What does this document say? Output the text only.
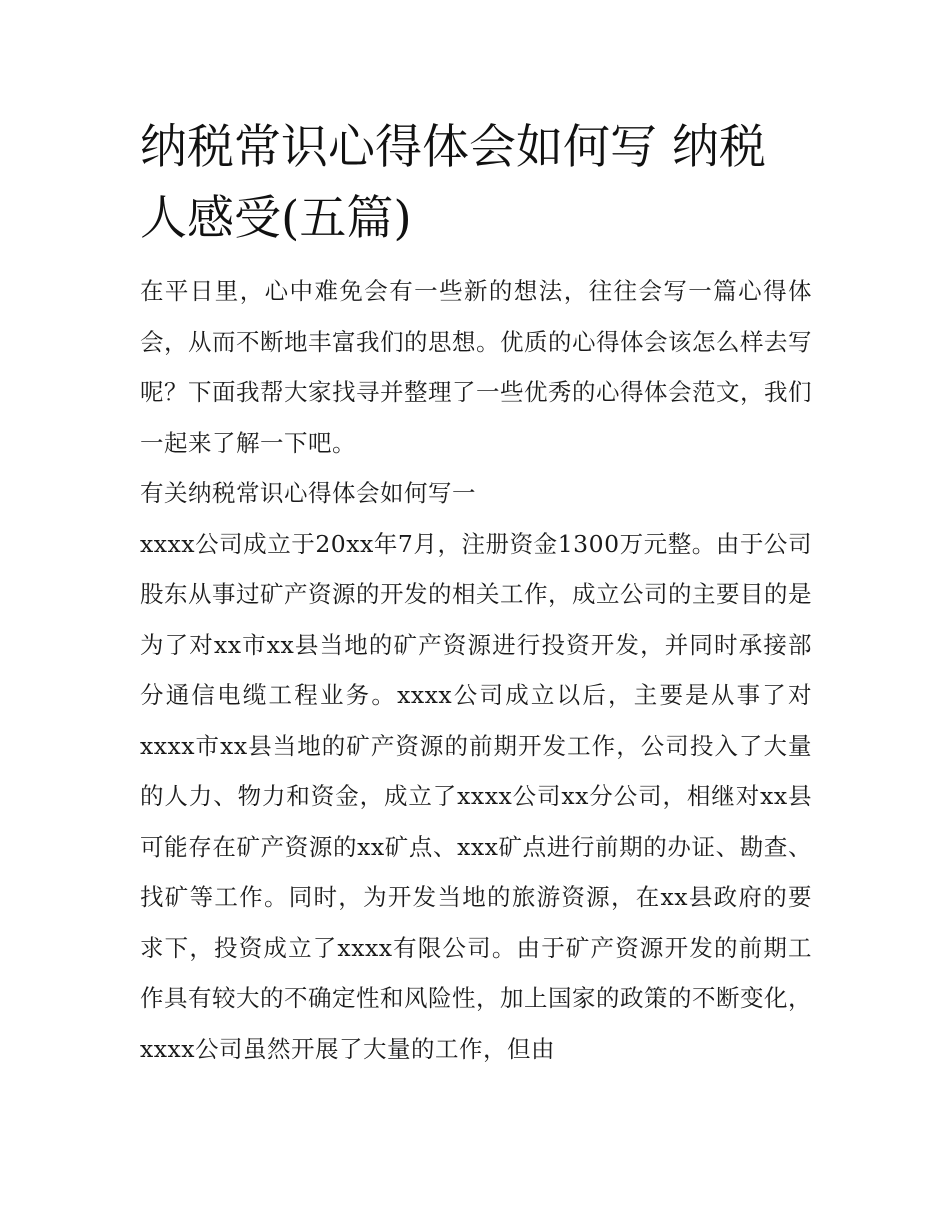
纳税常识心得体会如何写 纳税人感受(五篇)

在平日里，心中难免会有一些新的想法，往往会写一篇心得体会，从而不断地丰富我们的思想。优质的心得体会该怎么样去写呢？下面我帮大家找寻并整理了一些优秀的心得体会范文，我们一起来了解一下吧。

有关纳税常识心得体会如何写一

xxxx公司成立于20xx年7月，注册资金1300万元整。由于公司股东从事过矿产资源的开发的相关工作，成立公司的主要目的是为了对xx市xx县当地的矿产资源进行投资开发，并同时承接部分通信电缆工程业务。xxxx公司成立以后，主要是从事了对xxxx市xx县当地的矿产资源的前期开发工作，公司投入了大量的人力、物力和资金，成立了xxxx公司xx分公司，相继对xx县可能存在矿产资源的xx矿点、xxx矿点进行前期的办证、勘查、找矿等工作。同时，为开发当地的旅游资源，在xx县政府的要求下，投资成立了xxxx有限公司。由于矿产资源开发的前期工作具有较大的不确定性和风险性，加上国家的政策的不断变化，xxxx公司虽然开展了大量的工作，但由
